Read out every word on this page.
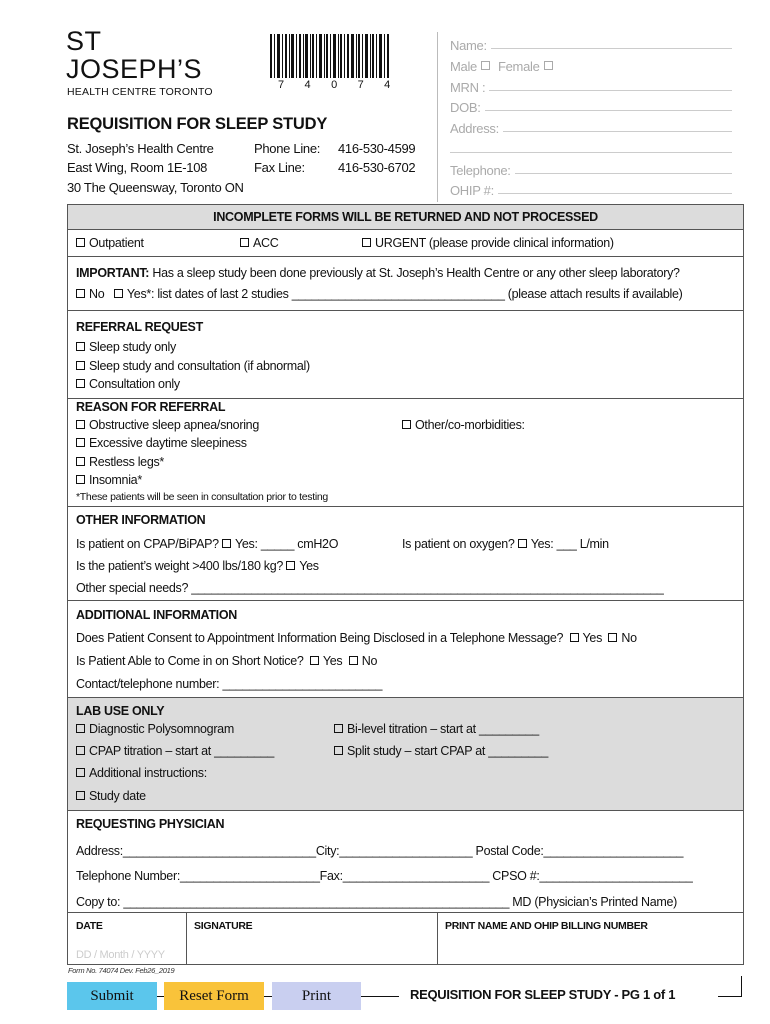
ST
JOSEPH’S
HEALTH CENTRE TORONTO
7 4 0 7 4
REQUISITION FOR SLEEP STUDY
St. Joseph’s Health Centre
East Wing, Room 1E-108
30 The Queensway, Toronto ON
Phone Line: 416-530-4599
Fax Line:	416-530-6702
Name:
Male Female
MRN :
DOB:
Address:
Telephone:
OHIP #:
INCOMPLETE FORMS WILL BE RETURNED AND NOT PROCESSED
Outpatient	ACC	URGENT (please provide clinical information)
IMPORTANT: Has a sleep study been done previously at St. Joseph’s Health Centre or any other sleep laboratory?
No Yes*: list dates of last 2 studies ________________________________ (please attach results if available)
REFERRAL REQUEST
Sleep study only
Sleep study and consultation (if abnormal)
Consultation only
REASON FOR REFERRAL
Obstructive sleep apnea/snoring
Excessive daytime sleepiness
Restless legs*
Insomnia*
Other/co-morbidities:
*These patients will be seen in consultation prior to testing
OTHER INFORMATION
Is patient on CPAP/BiPAP? Yes: _____ cmH2O	Is patient on oxygen? Yes: ___ L/min
Is the patient’s weight >400 lbs/180 kg? Yes
Other special needs? _______________________________________________________________________
ADDITIONAL INFORMATION
Does Patient Consent to Appointment Information Being Disclosed in a Telephone Message? Yes No
Is Patient Able to Come in on Short Notice? Yes No
Contact/telephone number: ________________________
LAB USE ONLY
Diagnostic Polysomnogram	Bi-level titration – start at _________
CPAP titration – start at _________	Split study – start CPAP at _________
Additional instructions:
Study date
REQUESTING PHYSICIAN
Address:_____________________________City:____________________ Postal Code:_____________________
Telephone Number:_____________________Fax:______________________ CPSO #:_______________________
Copy to: __________________________________________________________ MD (Physician’s Printed Name)
DATE
DD / Month / YYYY
SIGNATURE	PRINT NAME AND OHIP BILLING NUMBER
Form No. 74074 Dev. Feb26_2019
Submit	Reset Form	Print	REQUISITION FOR SLEEP STUDY - PG 1 of 1
